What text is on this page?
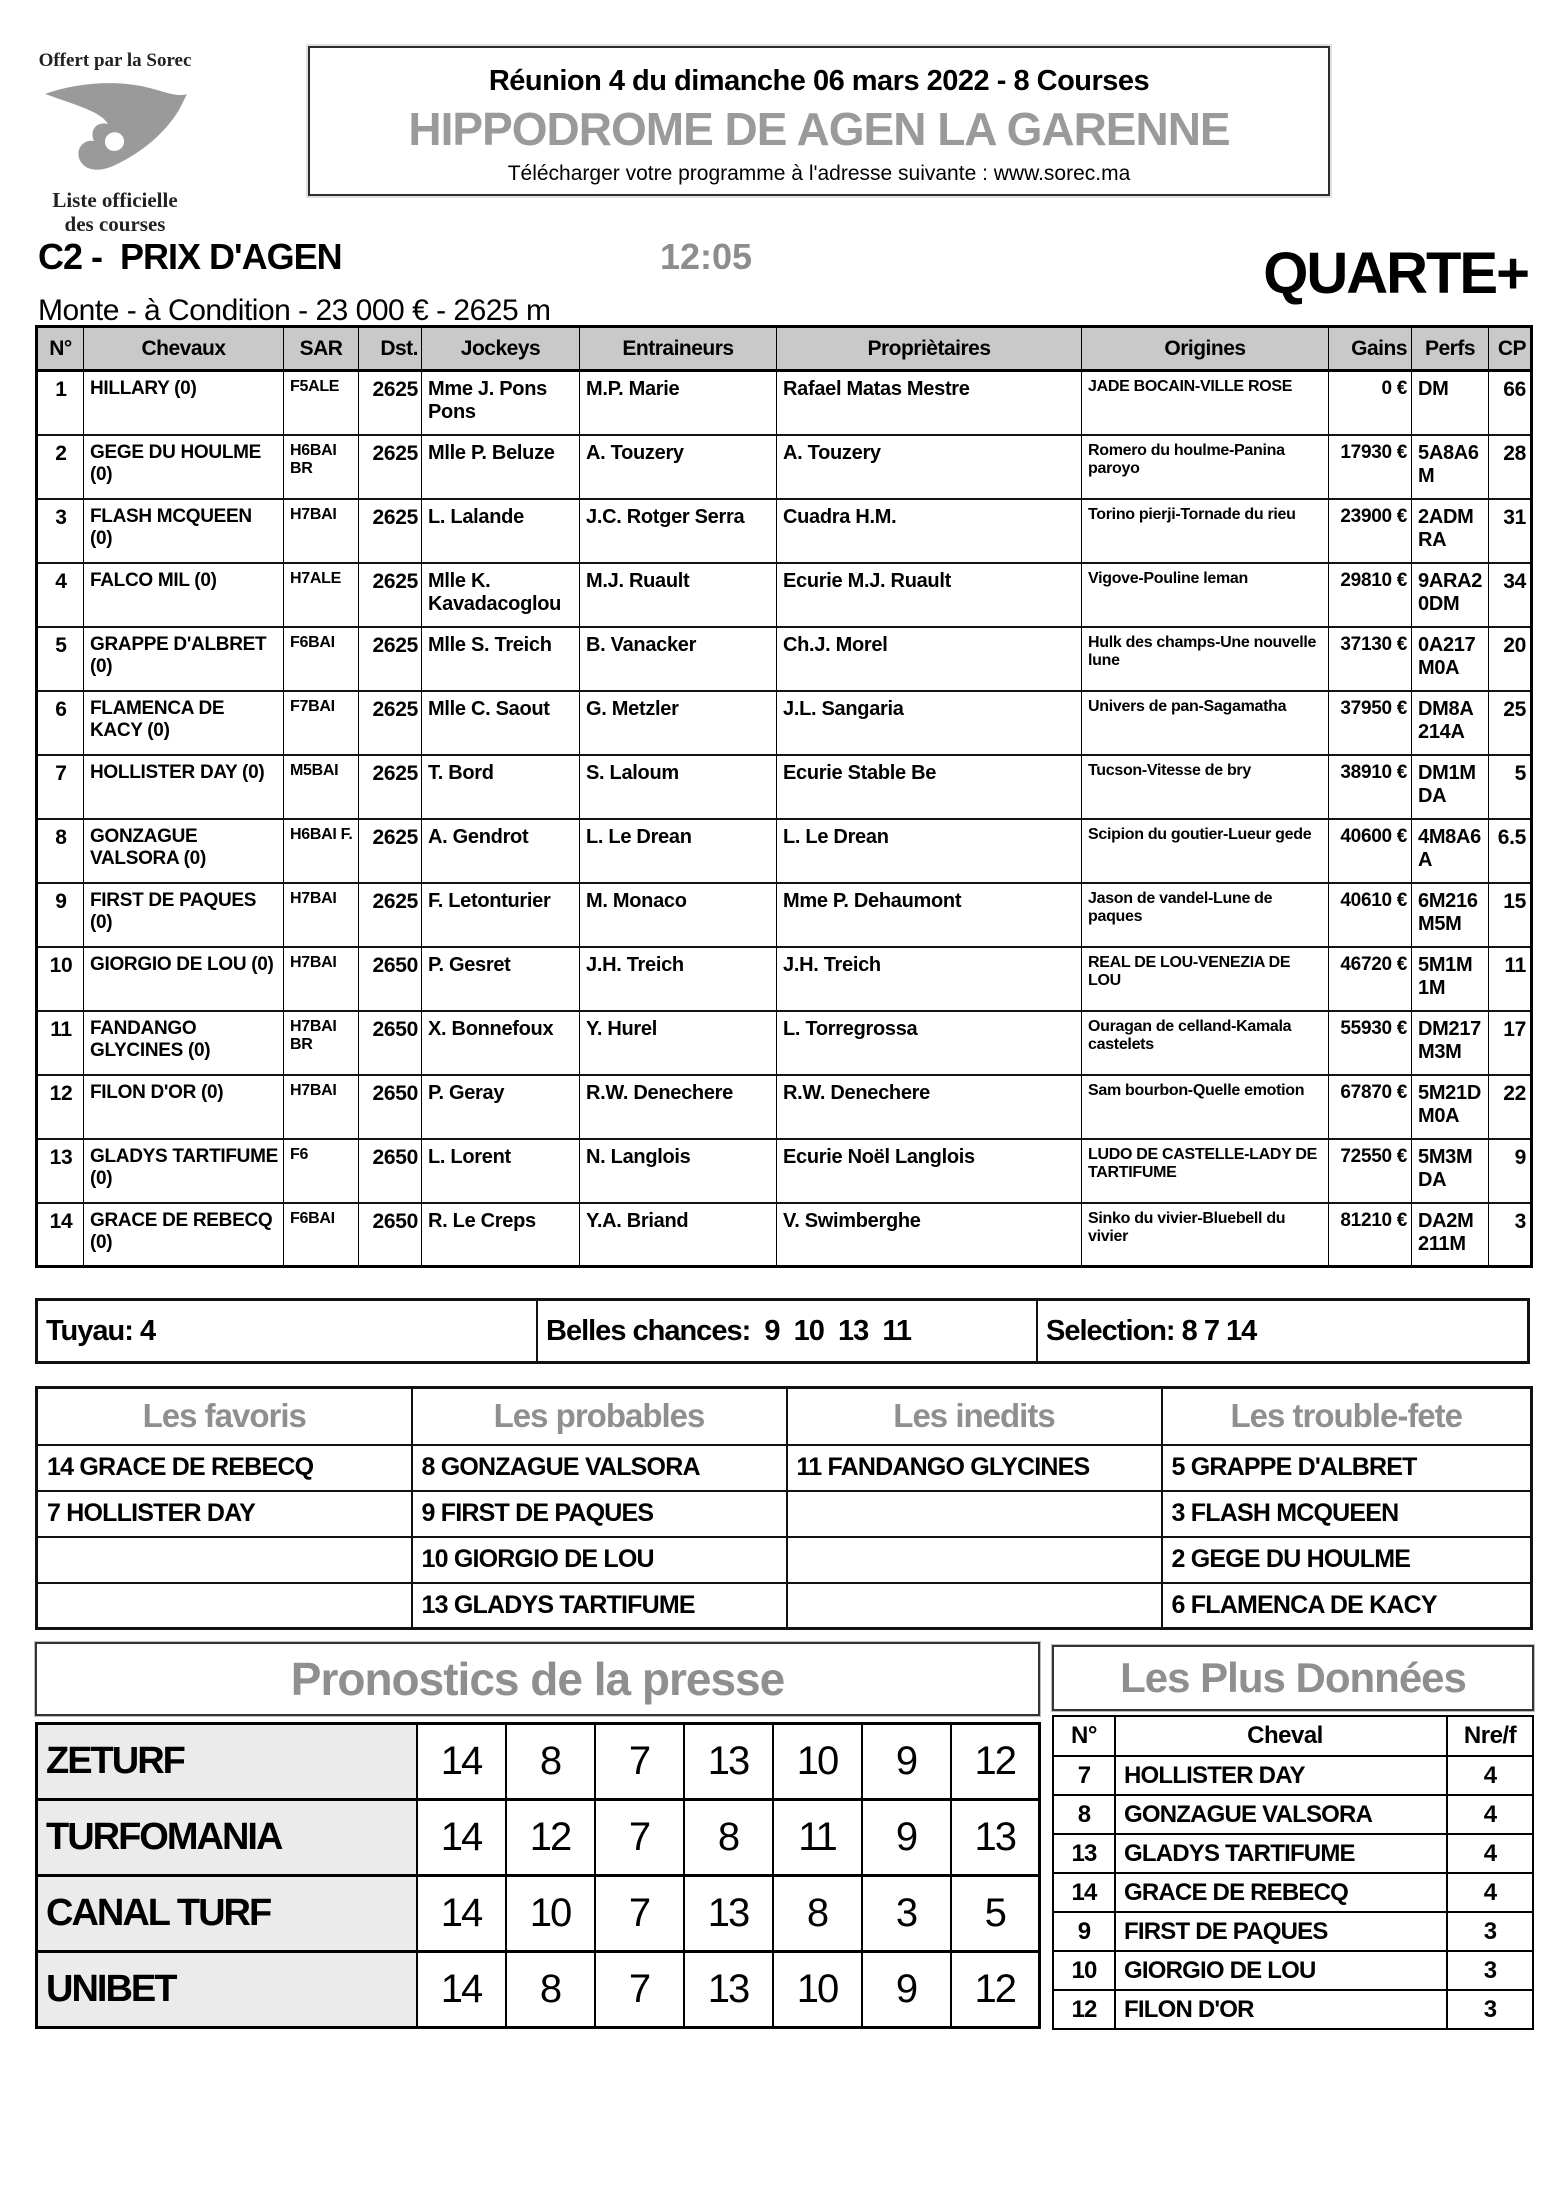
Offert par la Sorec
Liste officielle
des courses
Réunion 4 du dimanche 06 mars 2022 - 8 Courses
HIPPODROME DE AGEN LA GARENNE
Télécharger votre programme à l'adresse suivante : www.sorec.ma
C2 -  PRIX D'AGEN	12:05	QUARTE+
Monte - à Condition - 23 000 € - 2625 m
N°	Chevaux	SAR	Dst.	Jockeys	Entraineurs	Propriètaires	Origines	Gains	Perfs	CP
1	HILLARY (0)	F5ALE	2625	Mme J. Pons Pons	M.P. Marie	Rafael Matas Mestre	JADE BOCAIN-VILLE ROSE	0 €	DM	66
2	GEGE DU HOULME (0)	H6BAI BR	2625	Mlle P. Beluze	A. Touzery	A. Touzery	Romero du houlme-Panina paroyo	17930 €	5A8A6M	28
3	FLASH MCQUEEN (0)	H7BAI	2625	L. Lalande	J.C. Rotger Serra	Cuadra H.M.	Torino pierji-Tornade du rieu	23900 €	2ADMRA	31
4	FALCO MIL (0)	H7ALE	2625	Mlle K. Kavadacoglou	M.J. Ruault	Ecurie M.J. Ruault	Vigove-Pouline leman	29810 €	9ARA20DM	34
5	GRAPPE D'ALBRET (0)	F6BAI	2625	Mlle S. Treich	B. Vanacker	Ch.J. Morel	Hulk des champs-Une nouvelle lune	37130 €	0A217M0A	20
6	FLAMENCA DE KACY (0)	F7BAI	2625	Mlle C. Saout	G. Metzler	J.L. Sangaria	Univers de pan-Sagamatha	37950 €	DM8A214A	25
7	HOLLISTER DAY (0)	M5BAI	2625	T. Bord	S. Laloum	Ecurie Stable Be	Tucson-Vitesse de bry	38910 €	DM1MDA	5
8	GONZAGUE VALSORA (0)	H6BAI F.	2625	A. Gendrot	L. Le Drean	L. Le Drean	Scipion du goutier-Lueur gede	40600 €	4M8A6A	6.5
9	FIRST DE PAQUES (0)	H7BAI	2625	F. Letonturier	M. Monaco	Mme P. Dehaumont	Jason de vandel-Lune de paques	40610 €	6M216M5M	15
10	GIORGIO DE LOU (0)	H7BAI	2650	P. Gesret	J.H. Treich	J.H. Treich	REAL DE LOU-VENEZIA DE LOU	46720 €	5M1M1M	11
11	FANDANGO GLYCINES (0)	H7BAI BR	2650	X. Bonnefoux	Y. Hurel	L. Torregrossa	Ouragan de celland-Kamala castelets	55930 €	DM217M3M	17
12	FILON D'OR (0)	H7BAI	2650	P. Geray	R.W. Denechere	R.W. Denechere	Sam bourbon-Quelle emotion	67870 €	5M21DM0A	22
13	GLADYS TARTIFUME (0)	F6	2650	L. Lorent	N. Langlois	Ecurie Noël Langlois	LUDO DE CASTELLE-LADY DE TARTIFUME	72550 €	5M3MDA	9
14	GRACE DE REBECQ (0)	F6BAI	2650	R. Le Creps	Y.A. Briand	V. Swimberghe	Sinko du vivier-Bluebell du vivier	81210 €	DA2M211M	3
Tuyau: 4	Belles chances:  9  10  13  11	Selection: 8 7 14
Les favoris	Les probables	Les inedits	Les trouble-fete
14 GRACE DE REBECQ	8 GONZAGUE VALSORA	11 FANDANGO GLYCINES	5 GRAPPE D'ALBRET
7 HOLLISTER DAY	9 FIRST DE PAQUES		3 FLASH MCQUEEN
	10 GIORGIO DE LOU		2 GEGE DU HOULME
	13 GLADYS TARTIFUME		6 FLAMENCA DE KACY
Pronostics de la presse
ZETURF	14	8	7	13	10	9	12
TURFOMANIA	14	12	7	8	11	9	13
CANAL TURF	14	10	7	13	8	3	5
UNIBET	14	8	7	13	10	9	12
Les Plus Données
N°	Cheval	Nre/f
7	HOLLISTER DAY	4
8	GONZAGUE VALSORA	4
13	GLADYS TARTIFUME	4
14	GRACE DE REBECQ	4
9	FIRST DE PAQUES	3
10	GIORGIO DE LOU	3
12	FILON D'OR	3
